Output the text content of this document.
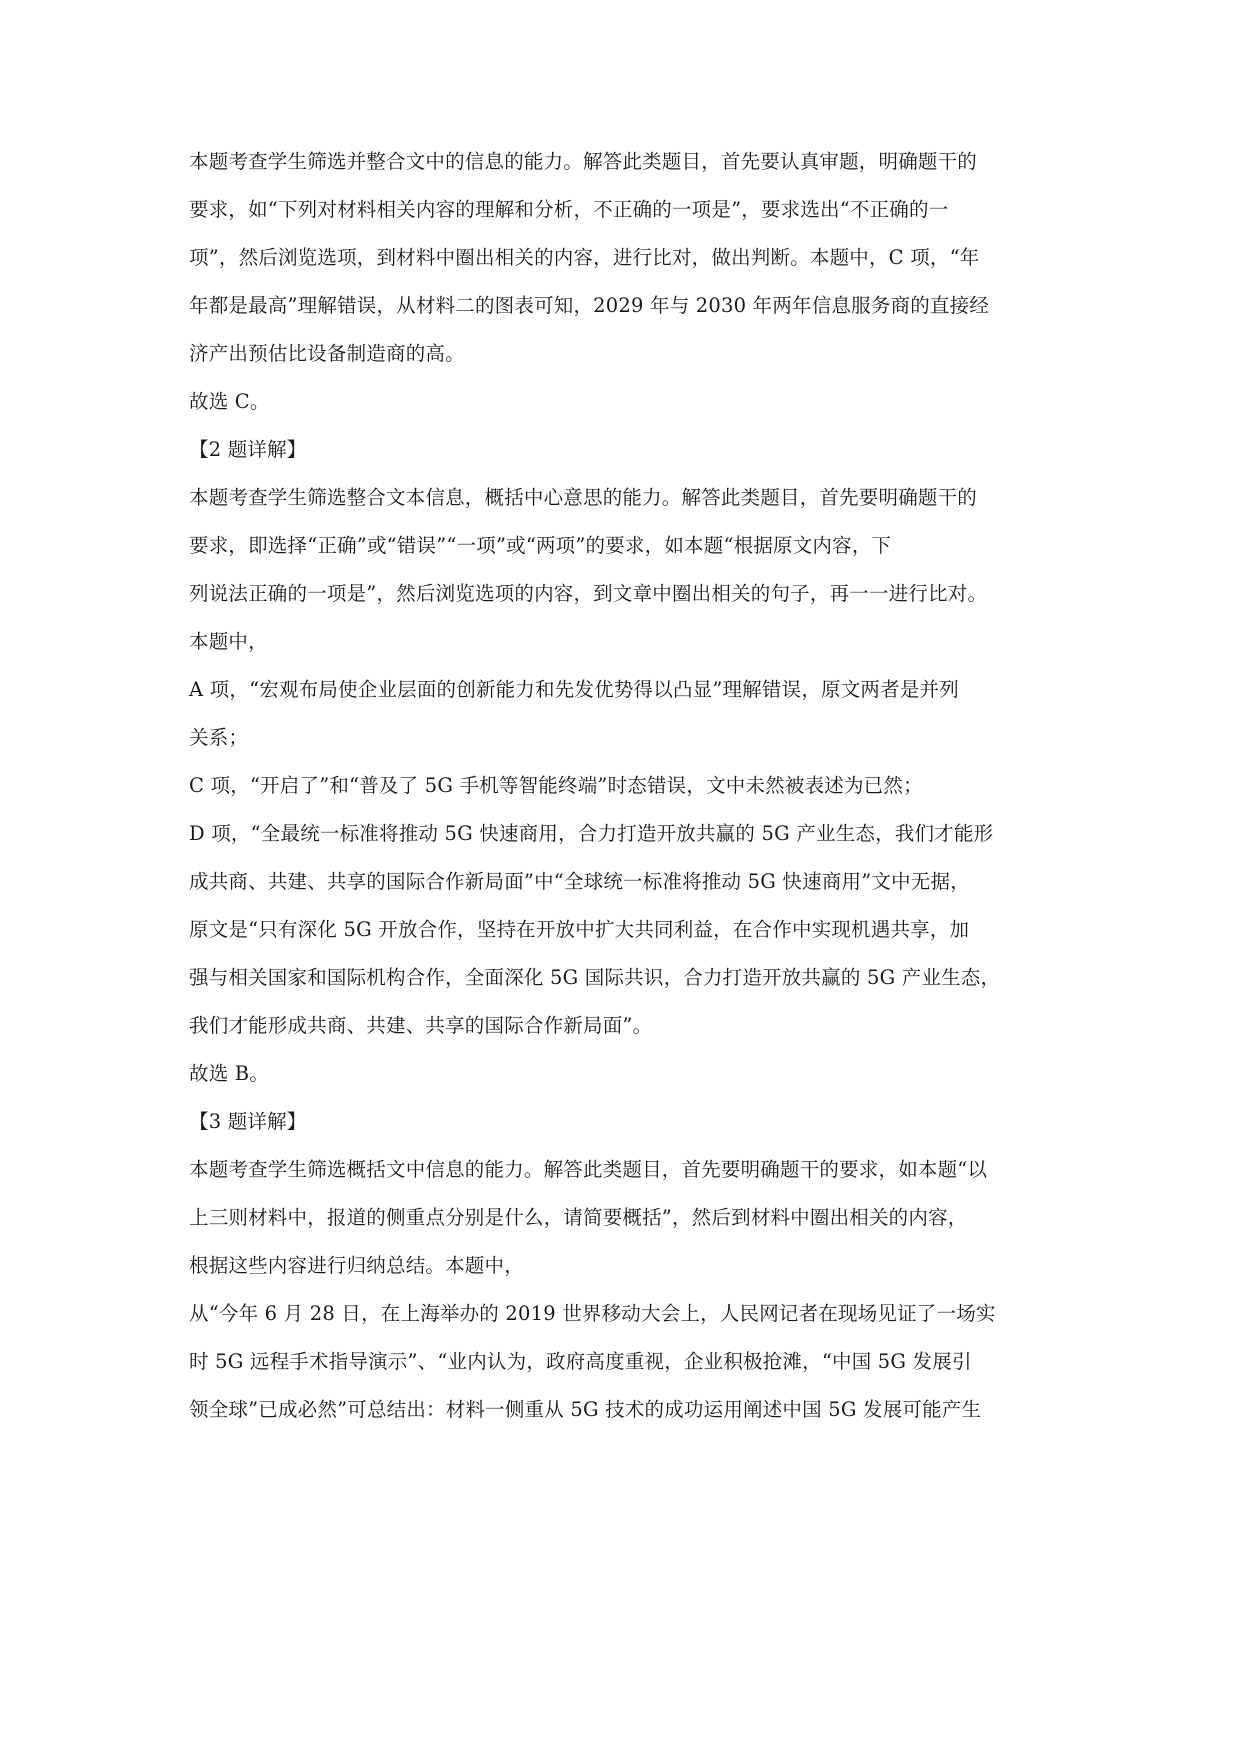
本题考查学生筛选并整合文中的信息的能力。解答此类题目，首先要认真审题，明确题干的
要求，如“下列对材料相关内容的理解和分析，不正确的一项是”，要求选出“不正确的一
项”，然后浏览选项，到材料中圈出相关的内容，进行比对，做出判断。本题中，C 项，“年
年都是最高”理解错误，从材料二的图表可知，2029 年与 2030 年两年信息服务商的直接经
济产出预估比设备制造商的高。
故选 C。
【2 题详解】
本题考查学生筛选整合文本信息，概括中心意思的能力。解答此类题目，首先要明确题干的
要求，即选择“正确”或“错误”“一项”或“两项”的要求，如本题“根据原文内容，下
列说法正确的一项是”，然后浏览选项的内容，到文章中圈出相关的句子，再一一进行比对。
本题中，
A 项，“宏观布局使企业层面的创新能力和先发优势得以凸显”理解错误，原文两者是并列
关系；
C 项，“开启了”和“普及了 5G 手机等智能终端”时态错误，文中未然被表述为已然；
D 项，“全最统一标准将推动 5G 快速商用，合力打造开放共赢的 5G 产业生态，我们才能形
成共商、共建、共享的国际合作新局面”中“全球统一标准将推动 5G 快速商用”文中无据，
原文是“只有深化 5G 开放合作，坚持在开放中扩大共同利益，在合作中实现机遇共享，加
强与相关国家和国际机构合作，全面深化 5G 国际共识，合力打造开放共赢的 5G 产业生态，
我们才能形成共商、共建、共享的国际合作新局面”。
故选 B。
【3 题详解】
本题考查学生筛选概括文中信息的能力。解答此类题目，首先要明确题干的要求，如本题“以
上三则材料中，报道的侧重点分别是什么，请简要概括”，然后到材料中圈出相关的内容，
根据这些内容进行归纳总结。本题中，
从“今年 6 月 28 日，在上海举办的 2019 世界移动大会上，人民网记者在现场见证了一场实
时 5G 远程手术指导演示”、“业内认为，政府高度重视，企业积极抢滩，“中国 5G 发展引
领全球”已成必然”可总结出：材料一侧重从 5G 技术的成功运用阐述中国 5G 发展可能产生
